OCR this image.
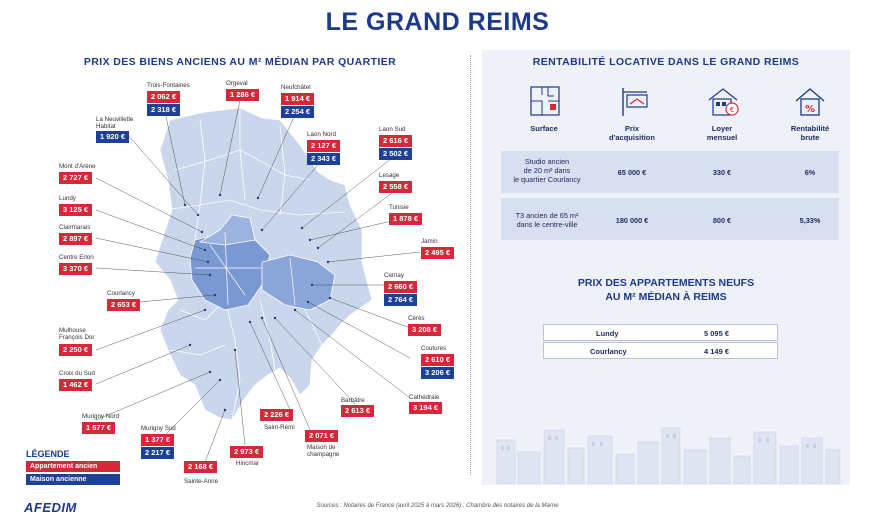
LE GRAND REIMS
PRIX DES BIENS ANCIENS AU M² MÉDIAN PAR QUARTIER
Trois-Fontaines
2 062 €
2 318 €
Orgeval
1 286 €
Neufchâtel
1 914 €
2 254 €
La Neuvillette
Habitat
1 920 €	Laon Nord
2 127 €
2 343 €
Laon Sud
2 616 €
2 502 €
Mont d'Arène
2 727 €	Lesage
2 558 €
Lundy
3 125 €	Tunisie
1 878 €
Clairmarais
2 897 €	Jamin
2 495 €
Centre Erlon
3 370 €
Cernay
2 660 €
2 764 €
Courlancy
2 653 €
Cérès
3 208 €
Mulhouse
François Dor
2 250 €	Coutures
2 610 €
3 206 €
Croix du Sud
1 462 €
Barbâtre
2 613 €
Cathédrale
3 194 €
Murigny Nord
1 577 €
2 226 €
Saint-Rémi
2 071 €
Maison de
champagne
Murigny Sud
1 377 €
2 217 €	2 973 €
Hincmar
2 168 €
Sainte-Anne
LÉGENDE
Appartement ancien
Maison ancienne
RENTABILITÉ LOCATIVE DANS LE GRAND REIMS
€	%
Surface	Prix
d'acquisition
Loyer
mensuel
Rentabilité
brute
Studio ancien
de 20 m² dans
le quartier Courlancy
65 000 €	330 €	6%
T3 ancien de 65 m²
dans le centre-ville	180 000 €	800 €	5,33%
PRIX DES APPARTEMENTS NEUFS
AU M² MÉDIAN À REIMS
Lundy	5 095 €
Courlancy	4 149 €
AFEDIM	Sources : Notaires de France (avril 2025 à mars 2026) ; Chambre des notaires de la Marne
